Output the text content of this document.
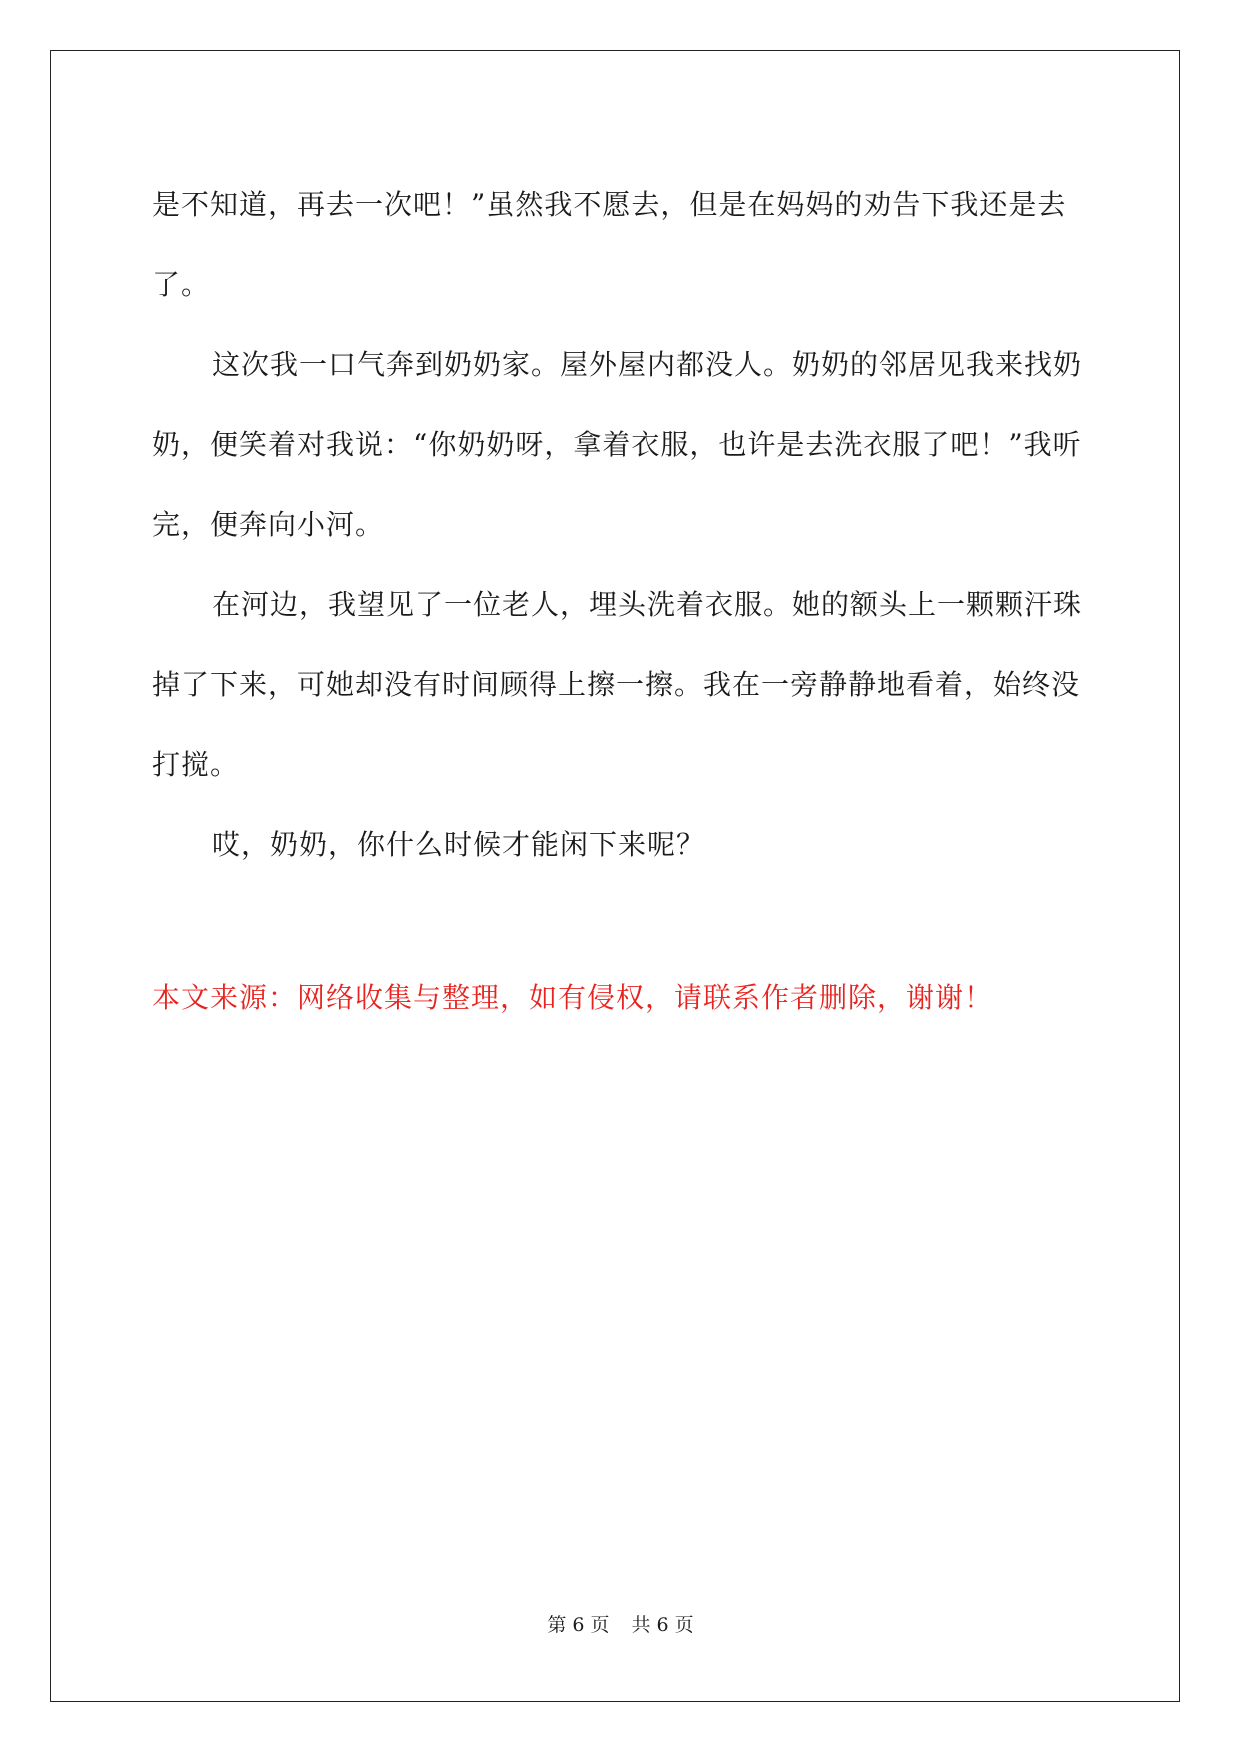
是不知道，再去一次吧！”虽然我不愿去，但是在妈妈的劝告下我还是去了。

这次我一口气奔到奶奶家。屋外屋内都没人。奶奶的邻居见我来找奶奶，便笑着对我说：“你奶奶呀，拿着衣服，也许是去洗衣服了吧！”我听完，便奔向小河。

在河边，我望见了一位老人，埋头洗着衣服。她的额头上一颗颗汗珠掉了下来，可她却没有时间顾得上擦一擦。我在一旁静静地看着，始终没打搅。

哎，奶奶，你什么时候才能闲下来呢？

本文来源：网络收集与整理，如有侵权，请联系作者删除，谢谢！

第 6 页 共 6 页
